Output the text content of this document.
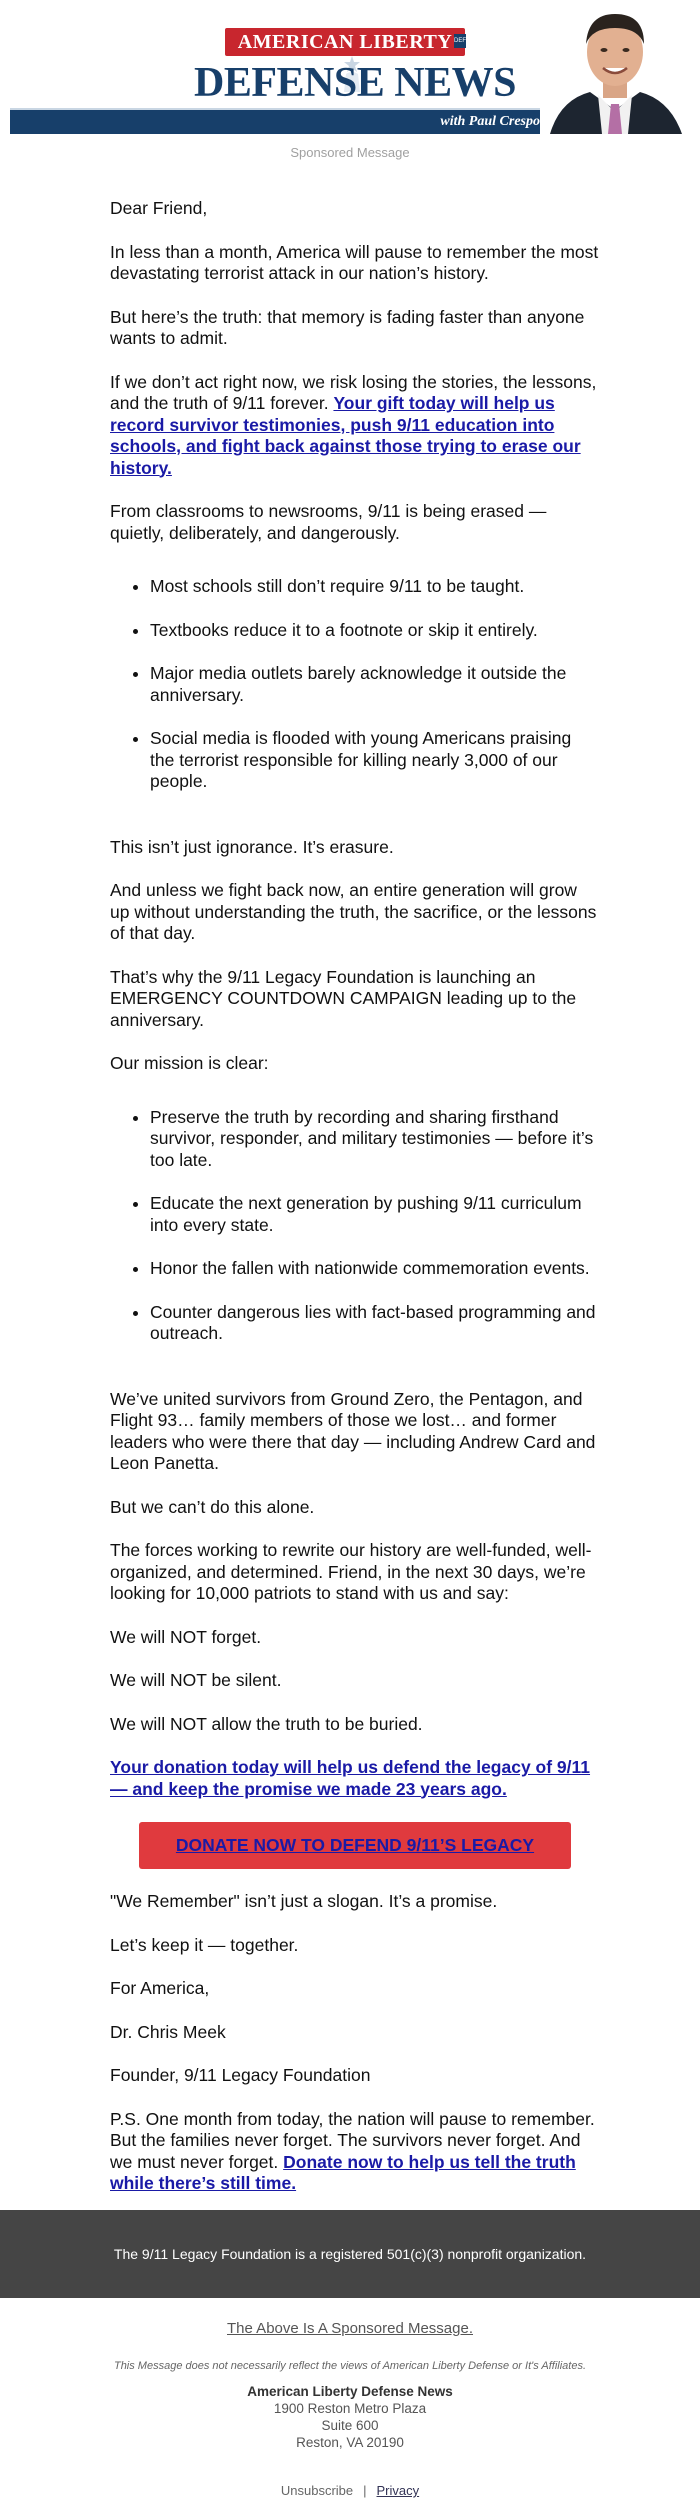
AMERICAN LIBERTY DEF
DEFENSE NEWS
with Paul Crespo
Sponsored Message

Dear Friend,

In less than a month, America will pause to remember the most devastating terrorist attack in our nation’s history.

But here’s the truth: that memory is fading faster than anyone wants to admit.

If we don’t act right now, we risk losing the stories, the lessons, and the truth of 9/11 forever. Your gift today will help us record survivor testimonies, push 9/11 education into schools, and fight back against those trying to erase our history.

From classrooms to newsrooms, 9/11 is being erased — quietly, deliberately, and dangerously.

• Most schools still don’t require 9/11 to be taught.
• Textbooks reduce it to a footnote or skip it entirely.
• Major media outlets barely acknowledge it outside the anniversary.
• Social media is flooded with young Americans praising the terrorist responsible for killing nearly 3,000 of our people.

This isn’t just ignorance. It’s erasure.

And unless we fight back now, an entire generation will grow up without understanding the truth, the sacrifice, or the lessons of that day.

That’s why the 9/11 Legacy Foundation is launching an EMERGENCY COUNTDOWN CAMPAIGN leading up to the anniversary.

Our mission is clear:

• Preserve the truth by recording and sharing firsthand survivor, responder, and military testimonies — before it’s too late.
• Educate the next generation by pushing 9/11 curriculum into every state.
• Honor the fallen with nationwide commemoration events.
• Counter dangerous lies with fact-based programming and outreach.

We’ve united survivors from Ground Zero, the Pentagon, and Flight 93… family members of those we lost… and former leaders who were there that day — including Andrew Card and Leon Panetta.

But we can’t do this alone.

The forces working to rewrite our history are well-funded, well-organized, and determined. Friend, in the next 30 days, we’re looking for 10,000 patriots to stand with us and say:

We will NOT forget.

We will NOT be silent.

We will NOT allow the truth to be buried.

Your donation today will help us defend the legacy of 9/11 — and keep the promise we made 23 years ago.

DONATE NOW TO DEFEND 9/11’S LEGACY

"We Remember" isn’t just a slogan. It’s a promise.

Let’s keep it — together.

For America,

Dr. Chris Meek

Founder, 9/11 Legacy Foundation

P.S. One month from today, the nation will pause to remember. But the families never forget. The survivors never forget. And we must never forget. Donate now to help us tell the truth while there’s still time.

The 9/11 Legacy Foundation is a registered 501(c)(3) nonprofit organization.
The Above Is A Sponsored Message.
This Message does not necessarily reflect the views of American Liberty Defense or It's Affiliates.
American Liberty Defense News
1900 Reston Metro Plaza
Suite 600
Reston, VA 20190
Unsubscribe | Privacy
